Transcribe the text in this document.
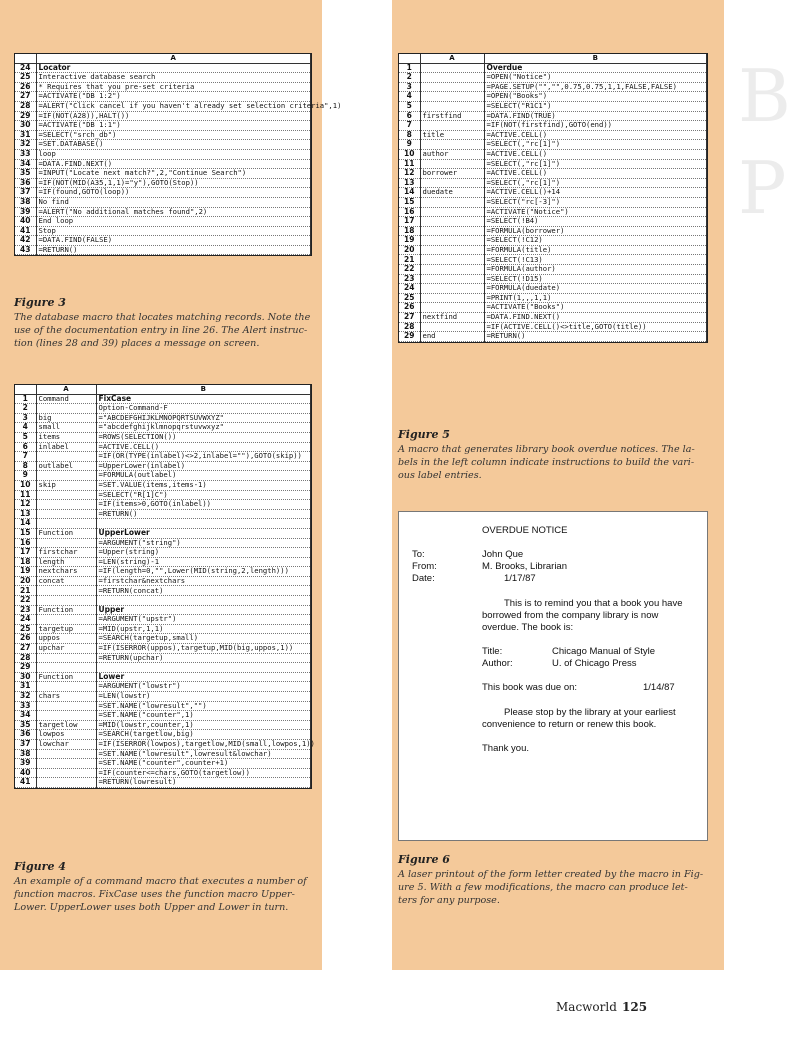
B
P
	A
24	Locator
25	Interactive database search
26	* Requires that you pre-set criteria
27	=ACTIVATE("DB 1:2")
28	=ALERT("Click cancel if you haven't already set selection criteria",1)
29	=IF(NOT(A28)),HALT())
30	=ACTIVATE("DB 1:1")
31	=SELECT("srch_db")
32	=SET.DATABASE()
33	loop
34	=DATA.FIND.NEXT()
35	=INPUT("Locate next match?",2,"Continue Search")
36	=IF(NOT(MID(A35,1,1)="y"),GOTO(Stop))
37	=IF(found,GOTO(loop))
38	No find
39	=ALERT("No additional matches found",2)
40	End loop
41	Stop
42	=DATA.FIND(FALSE)
43	=RETURN()
Figure 3
The database macro that locates matching records. Note the
use of the documentation entry in line 26. The Alert instruc-
tion (lines 28 and 39) places a message on screen.
	A	B
1	Command	FixCase
2		Option-Command-F
3	big	="ABCDEFGHIJKLMNOPQRTSUVWXYZ"
4	small	="abcdefghijklmnopqrstuvwxyz"
5	items	=ROWS(SELECTION())
6	inlabel	=ACTIVE.CELL()
7		=IF(OR(TYPE(inlabel)<>2,inlabel=""),GOTO(skip))
8	outlabel	=UpperLower(inlabel)
9		=FORMULA(outlabel)
10	skip	=SET.VALUE(items,items-1)
11		=SELECT("R[1]C")
12		=IF(items>0,GOTO(inlabel))
13		=RETURN()
14		
15	Function	UpperLower
16		=ARGUMENT("string")
17	firstchar	=Upper(string)
18	length	=LEN(string)-1
19	nextchars	=IF(length=0,"",Lower(MID(string,2,length)))
20	concat	=firstchar&nextchars
21		=RETURN(concat)
22		
23	Function	Upper
24		=ARGUMENT("upstr")
25	targetup	=MID(upstr,1,1)
26	uppos	=SEARCH(targetup,small)
27	upchar	=IF(ISERROR(uppos),targetup,MID(big,uppos,1))
28		=RETURN(upchar)
29		
30	Function	Lower
31		=ARGUMENT("lowstr")
32	chars	=LEN(lowstr)
33		=SET.NAME("lowresult","")
34		=SET.NAME("counter",1)
35	targetlow	=MID(lowstr,counter,1)
36	lowpos	=SEARCH(targetlow,big)
37	lowchar	=IF(ISERROR(lowpos),targetlow,MID(small,lowpos,1))
38		=SET.NAME("lowresult",lowresult&lowchar)
39		=SET.NAME("counter",counter+1)
40		=IF(counter<=chars,GOTO(targetlow))
41		=RETURN(lowresult)
Figure 4
An example of a command macro that executes a number of
function macros. FixCase uses the function macro Upper-
Lower. UpperLower uses both Upper and Lower in turn.
	A	B
1		Overdue
2		=OPEN("Notice")
3		=PAGE.SETUP("","",0.75,0.75,1,1,FALSE,FALSE)
4		=OPEN("Books")
5		=SELECT("R1C1")
6	firstfind	=DATA.FIND(TRUE)
7		=IF(NOT(firstfind),GOTO(end))
8	title	=ACTIVE.CELL()
9		=SELECT(,"rc[1]")
10	author	=ACTIVE.CELL()
11		=SELECT(,"rc[1]")
12	borrower	=ACTIVE.CELL()
13		=SELECT(,"rc[1]")
14	duedate	=ACTIVE.CELL()+14
15		=SELECT("rc[-3]")
16		=ACTIVATE("Notice")
17		=SELECT(!B4)
18		=FORMULA(borrower)
19		=SELECT(!C12)
20		=FORMULA(title)
21		=SELECT(!C13)
22		=FORMULA(author)
23		=SELECT(!D15)
24		=FORMULA(duedate)
25		=PRINT(1,,,1,1)
26		=ACTIVATE("Books")
27	nextfind	=DATA.FIND.NEXT()
28		=IF(ACTIVE.CELL()<>title,GOTO(title))
29	end	=RETURN()
Figure 5
A macro that generates library book overdue notices. The la-
bels in the left column indicate instructions to build the vari-
ous label entries.
OVERDUE NOTICE
To:	John Que
From:	M. Brooks, Librarian
Date:	1/17/87
This is to remind you that a book you have
borrowed from the company library is now
overdue. The book is:
Title:	Chicago Manual of Style
Author:	U. of Chicago Press
This book was due on:	1/14/87
Please stop by the library at your earliest
convenience to return or renew this book.
Thank you.
Figure 6
A laser printout of the form letter created by the macro in Fig-
ure 5. With a few modifications, the macro can produce let-
ters for any purpose.
Macworld 125
